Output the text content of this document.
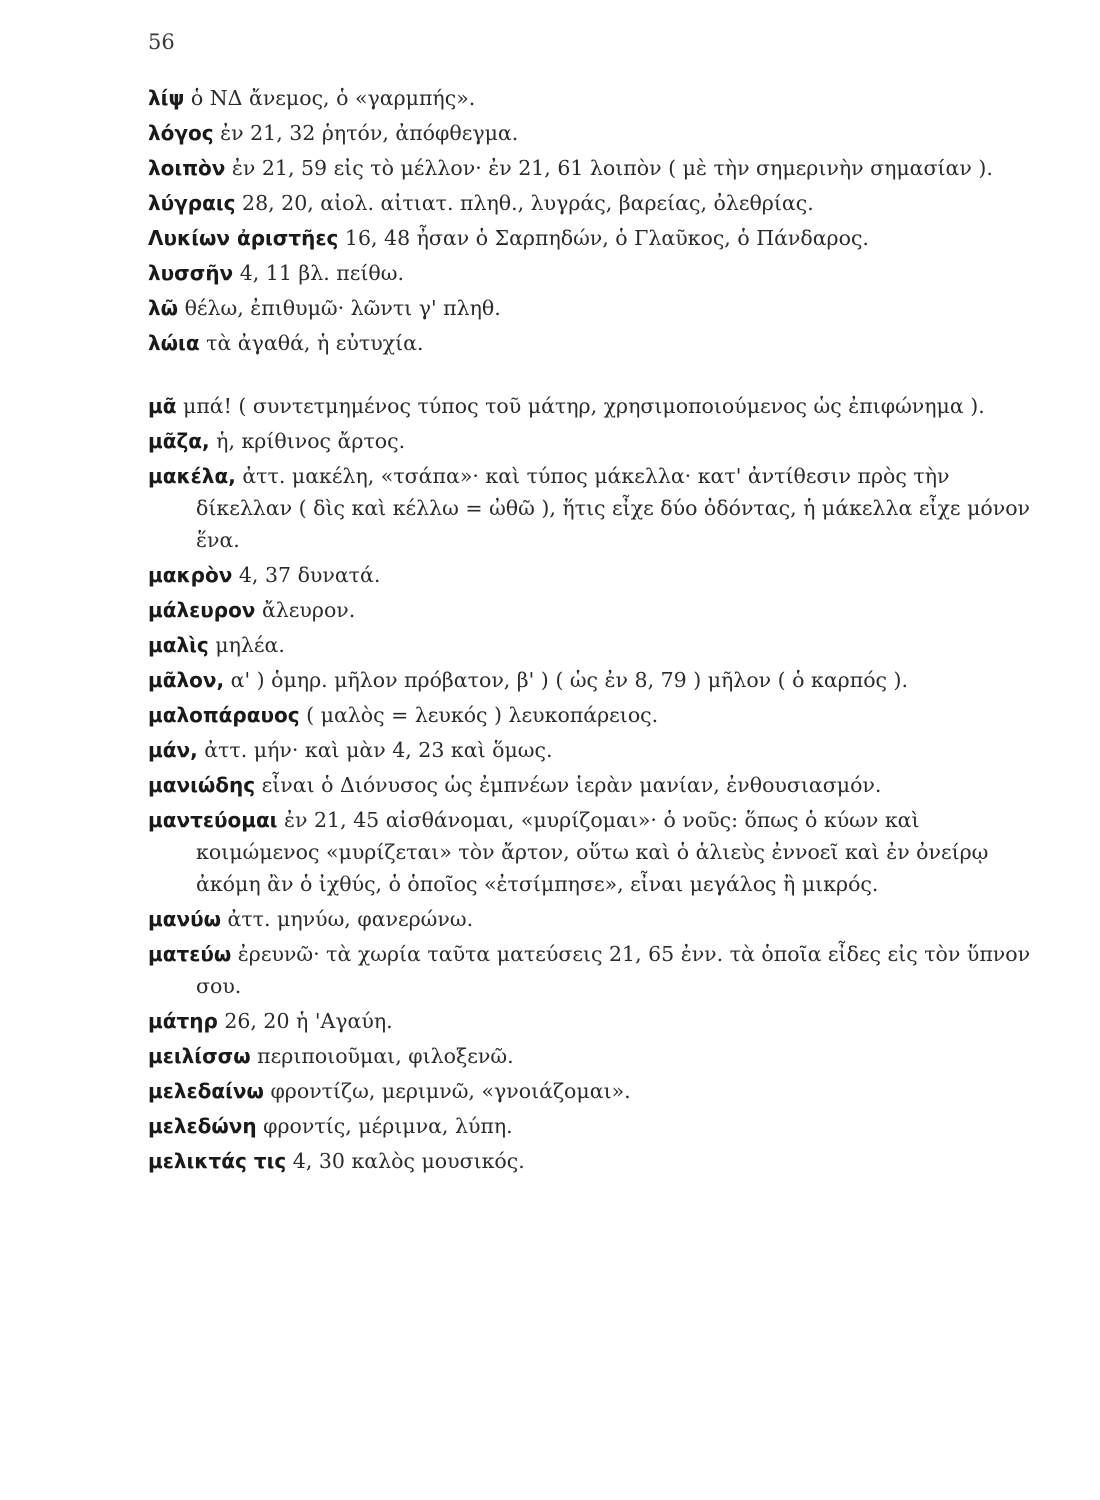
56
λίψ ὁ ΝΔ ἄνεμος, ὁ «γαρμπής».
λόγος ἐν 21, 32 ῥητόν, ἀπόφθεγμα.
λοιπὸν ἐν 21, 59 εἰς τὸ μέλλον· ἐν 21, 61 λοιπὸν ( μὲ τὴν σημερινὴν σημασίαν ).
λύγραις 28, 20, αἰολ. αἰτιατ. πληθ., λυγράς, βαρείας, ὀλεθρίας.
Λυκίων ἀριστῆες 16, 48 ἦσαν ὁ Σαρπηδών, ὁ Γλαῦκος, ὁ Πάνδαρος.
λυσσῆν 4, 11 βλ. πείθω.
λῶ θέλω, ἐπιθυμῶ· λῶντι γ' πληθ.
λώια τὰ ἀγαθά, ἡ εὐτυχία.
μᾶ μπά! ( συντετμημένος τύπος τοῦ μάτηρ, χρησιμοποιούμενος ὡς ἐπιφώνημα ).
μᾶζα, ἡ, κρίθινος ἄρτος.
μακέλα, ἀττ. μακέλη, «τσάπα»· καὶ τύπος μάκελλα· κατ' ἀντίθεσιν πρὸς τὴν δίκελλαν ( δὶς καὶ κέλλω = ὠθῶ ), ἥτις εἶχε δύο ὀδόντας, ἡ μάκελλα εἶχε μόνον ἕνα.
μακρὸν 4, 37 δυνατά.
μάλευρον ἄλευρον.
μαλὶς μηλέα.
μᾶλον, α' ) ὁμηρ. μῆλον πρόβατον, β' ) ( ὡς ἐν 8, 79 ) μῆλον ( ὁ καρπός ).
μαλοπάραυος ( μαλὸς = λευκός ) λευκοπάρειος.
μάν, ἀττ. μήν· καὶ μὰν 4, 23 καὶ ὅμως.
μανιώδης εἶναι ὁ Διόνυσος ὡς ἐμπνέων ἱερὰν μανίαν, ἐνθουσιασμόν.
μαντεύομαι ἐν 21, 45 αἰσθάνομαι, «μυρίζομαι»· ὁ νοῦς: ὅπως ὁ κύων καὶ κοιμώμενος «μυρίζεται» τὸν ἄρτον, οὕτω καὶ ὁ ἁλιεὺς ἐννοεῖ καὶ ἐν ὀνείρῳ ἀκόμη ἂν ὁ ἰχθύς, ὁ ὁποῖος «ἐτσίμπησε», εἶναι μεγάλος ἢ μικρός.
μανύω ἀττ. μηνύω, φανερώνω.
ματεύω ἐρευνῶ· τὰ χωρία ταῦτα ματεύσεις 21, 65 ἐνν. τὰ ὁποῖα εἶδες εἰς τὸν ὕπνον σου.
μάτηρ 26, 20 ἡ 'Αγαύη.
μειλίσσω περιποιοῦμαι, φιλοξενῶ.
μελεδαίνω φροντίζω, μεριμνῶ, «γνοιάζομαι».
μελεδώνη φροντίς, μέριμνα, λύπη.
μελικτάς τις 4, 30 καλὸς μουσικός.
